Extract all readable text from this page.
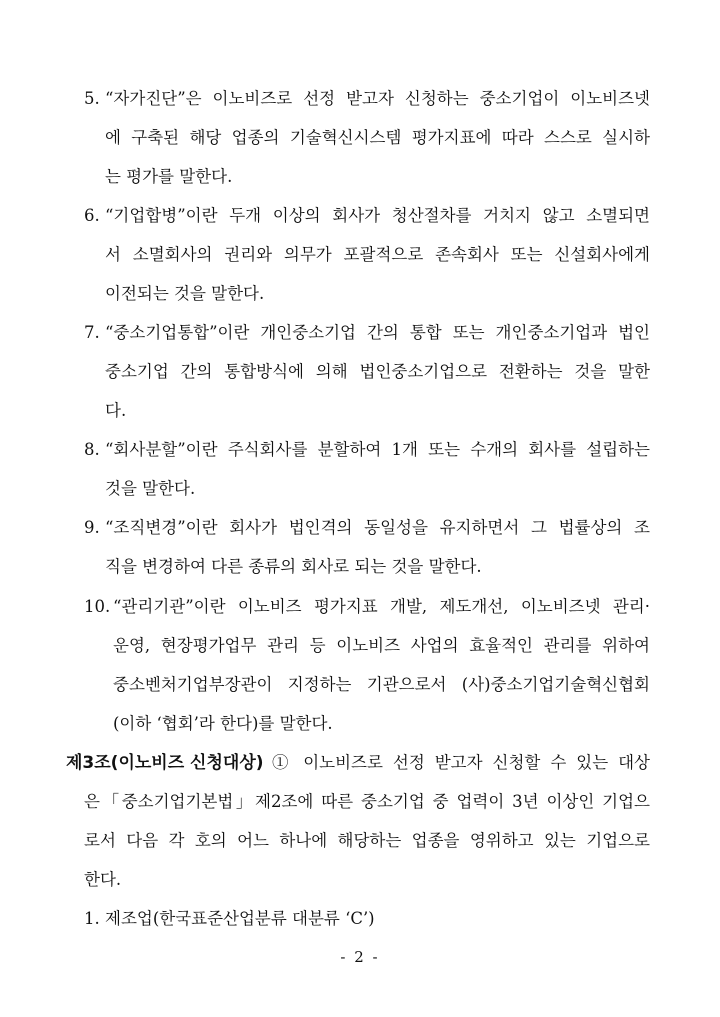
5. “자가진단”은 이노비즈로 선정 받고자 신청하는 중소기업이 이노비즈넷
에 구축된 해당 업종의 기술혁신시스템 평가지표에 따라 스스로 실시하
는 평가를 말한다.
6. “기업합병”이란 두개 이상의 회사가 청산절차를 거치지 않고 소멸되면
서 소멸회사의 권리와 의무가 포괄적으로 존속회사 또는 신설회사에게
이전되는 것을 말한다.
7. “중소기업통합”이란 개인중소기업 간의 통합 또는 개인중소기업과 법인
중소기업 간의 통합방식에 의해 법인중소기업으로 전환하는 것을 말한
다.
8. “회사분할”이란 주식회사를 분할하여 1개 또는 수개의 회사를 설립하는
것을 말한다.
9. “조직변경”이란 회사가 법인격의 동일성을 유지하면서 그 법률상의 조
직을 변경하여 다른 종류의 회사로 되는 것을 말한다.
10. “관리기관”이란 이노비즈 평가지표 개발, 제도개선, 이노비즈넷 관리·
운영, 현장평가업무 관리 등 이노비즈 사업의 효율적인 관리를 위하여
중소벤처기업부장관이 지정하는 기관으로서 (사)중소기업기술혁신협회
(이하 ‘협회’라 한다)를 말한다.
제3조(이노비즈 신청대상) ① 이노비즈로 선정 받고자 신청할 수 있는 대상
은「중소기업기본법」제2조에 따른 중소기업 중 업력이 3년 이상인 기업으
로서 다음 각 호의 어느 하나에 해당하는 업종을 영위하고 있는 기업으로
한다.
1. 제조업(한국표준산업분류 대분류 ‘C’)
- 2 -
